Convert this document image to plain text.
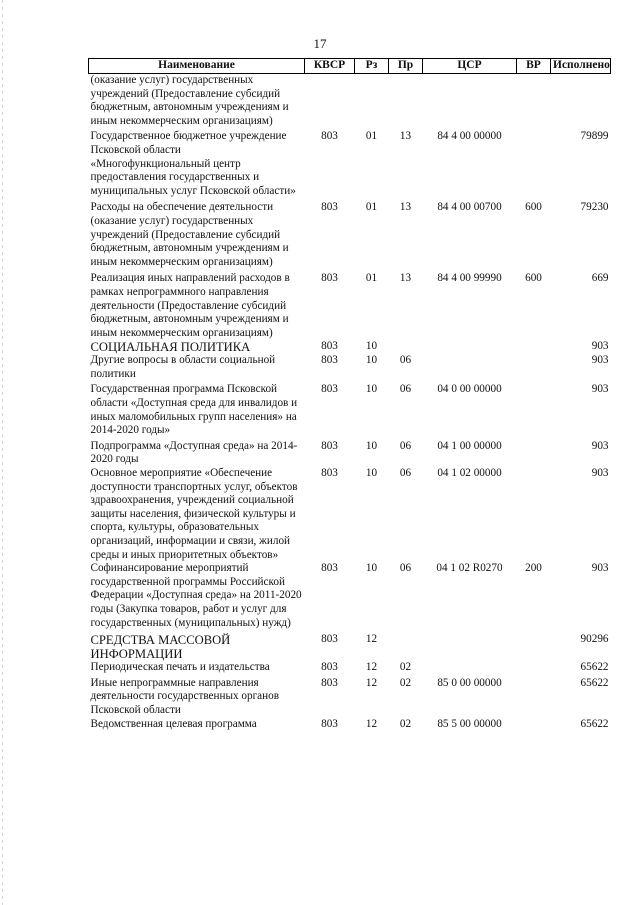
17
Наименование	КВСР	Рз	Пр	ЦСР	ВР	Исполнено
(оказание услуг) государственных учреждений (Предоставление субсидий бюджетным, автономным учреждениям и иным некоммерческим организациям)						
Государственное бюджетное учреждение Псковской области «Многофункциональный центр предоставления государственных и муниципальных услуг Псковской области»	803	01	13	84 4 00 00000		79899
Расходы на обеспечение деятельности (оказание услуг) государственных учреждений (Предоставление субсидий бюджетным, автономным учреждениям и иным некоммерческим организациям)	803	01	13	84 4 00 00700	600	79230
Реализация иных направлений расходов в рамках непрограммного направления деятельности (Предоставление субсидий бюджетным, автономным учреждениям и иным некоммерческим организациям)	803	01	13	84 4 00 99990	600	669
СОЦИАЛЬНАЯ ПОЛИТИКА	803	10				903
Другие вопросы в области социальной политики	803	10	06			903
Государственная программа Псковской области «Доступная среда для инвалидов и иных маломобильных групп населения» на 2014-2020 годы»	803	10	06	04 0 00 00000		903
Подпрограмма «Доступная среда» на 2014-2020 годы	803	10	06	04 1 00 00000		903
Основное мероприятие «Обеспечение доступности транспортных услуг, объектов здравоохранения, учреждений социальной защиты населения, физической культуры и спорта, культуры, образовательных организаций, информации и связи, жилой среды и иных приоритетных объектов»	803	10	06	04 1 02 00000		903
Софинансирование мероприятий государственной программы Российской Федерации «Доступная среда» на 2011-2020 годы (Закупка товаров, работ и услуг для государственных (муниципальных) нужд)	803	10	06	04 1 02 R0270	200	903
СРЕДСТВА МАССОВОЙ ИНФОРМАЦИИ	803	12				90296
Периодическая печать и издательства	803	12	02			65622
Иные непрограммные направления деятельности государственных органов Псковской области	803	12	02	85 0 00 00000		65622
Ведомственная целевая программа	803	12	02	85 5 00 00000		65622
